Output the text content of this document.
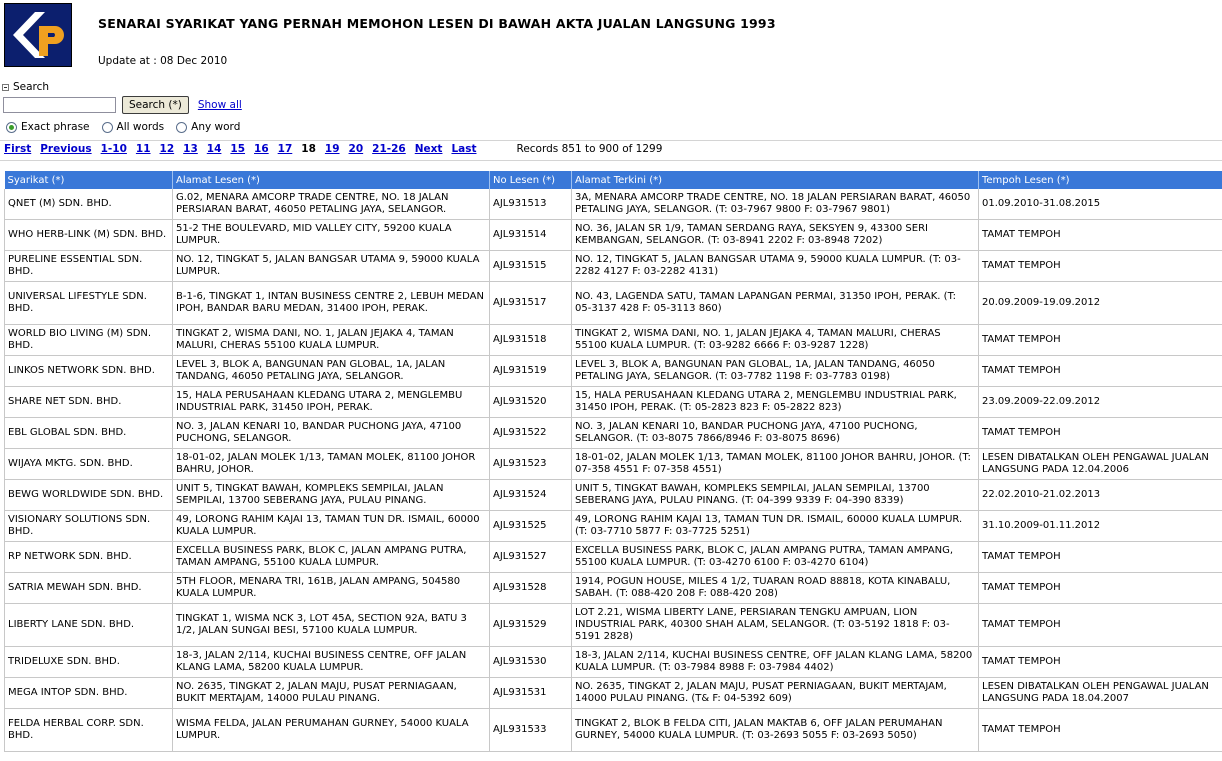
SENARAI SYARIKAT YANG PERNAH MEMOHON LESEN DI BAWAH AKTA JUALAN LANGSUNG 1993
Update at : 08 Dec 2010
Search
Search (*)	Show all
Exact phrase	All words	Any word
First Previous 1-10 11 12 13 14 15 16 17 18 19 20 21-26 Next Last	Records 851 to 900 of 1299
Syarikat (*)	Alamat Lesen (*)	No Lesen (*)	Alamat Terkini (*)	Tempoh Lesen (*)
QNET (M) SDN. BHD.	G.02, MENARA AMCORP TRADE CENTRE, NO. 18 JALAN PERSIARAN BARAT, 46050 PETALING JAYA, SELANGOR.	AJL931513	3A, MENARA AMCORP TRADE CENTRE, NO. 18 JALAN PERSIARAN BARAT, 46050 PETALING JAYA, SELANGOR. (T: 03-7967 9800 F: 03-7967 9801)	01.09.2010-31.08.2015
WHO HERB-LINK (M) SDN. BHD.	51-2 THE BOULEVARD, MID VALLEY CITY, 59200 KUALA LUMPUR.	AJL931514	NO. 36, JALAN SR 1/9, TAMAN SERDANG RAYA, SEKSYEN 9, 43300 SERI KEMBANGAN, SELANGOR. (T: 03-8941 2202 F: 03-8948 7202)	TAMAT TEMPOH
PURELINE ESSENTIAL SDN. BHD.	NO. 12, TINGKAT 5, JALAN BANGSAR UTAMA 9, 59000 KUALA LUMPUR.	AJL931515	NO. 12, TINGKAT 5, JALAN BANGSAR UTAMA 9, 59000 KUALA LUMPUR. (T: 03-2282 4127 F: 03-2282 4131)	TAMAT TEMPOH
UNIVERSAL LIFESTYLE SDN. BHD.	B-1-6, TINGKAT 1, INTAN BUSINESS CENTRE 2, LEBUH MEDAN IPOH, BANDAR BARU MEDAN, 31400 IPOH, PERAK.	AJL931517	NO. 43, LAGENDA SATU, TAMAN LAPANGAN PERMAI, 31350 IPOH, PERAK. (T: 05-3137 428 F: 05-3113 860)	20.09.2009-19.09.2012
WORLD BIO LIVING (M) SDN. BHD.	TINGKAT 2, WISMA DANI, NO. 1, JALAN JEJAKA 4, TAMAN MALURI, CHERAS 55100 KUALA LUMPUR.	AJL931518	TINGKAT 2, WISMA DANI, NO. 1, JALAN JEJAKA 4, TAMAN MALURI, CHERAS 55100 KUALA LUMPUR. (T: 03-9282 6666 F: 03-9287 1228)	TAMAT TEMPOH
LINKOS NETWORK SDN. BHD.	LEVEL 3, BLOK A, BANGUNAN PAN GLOBAL, 1A, JALAN TANDANG, 46050 PETALING JAYA, SELANGOR.	AJL931519	LEVEL 3, BLOK A, BANGUNAN PAN GLOBAL, 1A, JALAN TANDANG, 46050 PETALING JAYA, SELANGOR. (T: 03-7782 1198 F: 03-7783 0198)	TAMAT TEMPOH
SHARE NET SDN. BHD.	15, HALA PERUSAHAAN KLEDANG UTARA 2, MENGLEMBU INDUSTRIAL PARK, 31450 IPOH, PERAK.	AJL931520	15, HALA PERUSAHAAN KLEDANG UTARA 2, MENGLEMBU INDUSTRIAL PARK, 31450 IPOH, PERAK. (T: 05-2823 823 F: 05-2822 823)	23.09.2009-22.09.2012
EBL GLOBAL SDN. BHD.	NO. 3, JALAN KENARI 10, BANDAR PUCHONG JAYA, 47100 PUCHONG, SELANGOR.	AJL931522	NO. 3, JALAN KENARI 10, BANDAR PUCHONG JAYA, 47100 PUCHONG, SELANGOR. (T: 03-8075 7866/8946 F: 03-8075 8696)	TAMAT TEMPOH
WIJAYA MKTG. SDN. BHD.	18-01-02, JALAN MOLEK 1/13, TAMAN MOLEK, 81100 JOHOR BAHRU, JOHOR.	AJL931523	18-01-02, JALAN MOLEK 1/13, TAMAN MOLEK, 81100 JOHOR BAHRU, JOHOR. (T: 07-358 4551 F: 07-358 4551)	LESEN DIBATALKAN OLEH PENGAWAL JUALAN LANGSUNG PADA 12.04.2006
BEWG WORLDWIDE SDN. BHD.	UNIT 5, TINGKAT BAWAH, KOMPLEKS SEMPILAI, JALAN SEMPILAI, 13700 SEBERANG JAYA, PULAU PINANG.	AJL931524	UNIT 5, TINGKAT BAWAH, KOMPLEKS SEMPILAI, JALAN SEMPILAI, 13700 SEBERANG JAYA, PULAU PINANG. (T: 04-399 9339 F: 04-390 8339)	22.02.2010-21.02.2013
VISIONARY SOLUTIONS SDN. BHD.	49, LORONG RAHIM KAJAI 13, TAMAN TUN DR. ISMAIL, 60000 KUALA LUMPUR.	AJL931525	49, LORONG RAHIM KAJAI 13, TAMAN TUN DR. ISMAIL, 60000 KUALA LUMPUR. (T: 03-7710 5877 F: 03-7725 5251)	31.10.2009-01.11.2012
RP NETWORK SDN. BHD.	EXCELLA BUSINESS PARK, BLOK C, JALAN AMPANG PUTRA, TAMAN AMPANG, 55100 KUALA LUMPUR.	AJL931527	EXCELLA BUSINESS PARK, BLOK C, JALAN AMPANG PUTRA, TAMAN AMPANG, 55100 KUALA LUMPUR. (T: 03-4270 6100 F: 03-4270 6104)	TAMAT TEMPOH
SATRIA MEWAH SDN. BHD.	5TH FLOOR, MENARA TRI, 161B, JALAN AMPANG, 504580 KUALA LUMPUR.	AJL931528	1914, POGUN HOUSE, MILES 4 1/2, TUARAN ROAD 88818, KOTA KINABALU, SABAH. (T: 088-420 208 F: 088-420 208)	TAMAT TEMPOH
LIBERTY LANE SDN. BHD.	TINGKAT 1, WISMA NCK 3, LOT 45A, SECTION 92A, BATU 3 1/2, JALAN SUNGAI BESI, 57100 KUALA LUMPUR.	AJL931529	LOT 2.21, WISMA LIBERTY LANE, PERSIARAN TENGKU AMPUAN, LION INDUSTRIAL PARK, 40300 SHAH ALAM, SELANGOR. (T: 03-5192 1818 F: 03-5191 2828)	TAMAT TEMPOH
TRIDELUXE SDN. BHD.	18-3, JALAN 2/114, KUCHAI BUSINESS CENTRE, OFF JALAN KLANG LAMA, 58200 KUALA LUMPUR.	AJL931530	18-3, JALAN 2/114, KUCHAI BUSINESS CENTRE, OFF JALAN KLANG LAMA, 58200 KUALA LUMPUR. (T: 03-7984 8988 F: 03-7984 4402)	TAMAT TEMPOH
MEGA INTOP SDN. BHD.	NO. 2635, TINGKAT 2, JALAN MAJU, PUSAT PERNIAGAAN, BUKIT MERTAJAM, 14000 PULAU PINANG.	AJL931531	NO. 2635, TINGKAT 2, JALAN MAJU, PUSAT PERNIAGAAN, BUKIT MERTAJAM, 14000 PULAU PINANG. (T& F: 04-5392 609)	LESEN DIBATALKAN OLEH PENGAWAL JUALAN LANGSUNG PADA 18.04.2007
FELDA HERBAL CORP. SDN. BHD.	WISMA FELDA, JALAN PERUMAHAN GURNEY, 54000 KUALA LUMPUR.	AJL931533	TINGKAT 2, BLOK B FELDA CITI, JALAN MAKTAB 6, OFF JALAN PERUMAHAN GURNEY, 54000 KUALA LUMPUR. (T: 03-2693 5055 F: 03-2693 5050)	TAMAT TEMPOH
